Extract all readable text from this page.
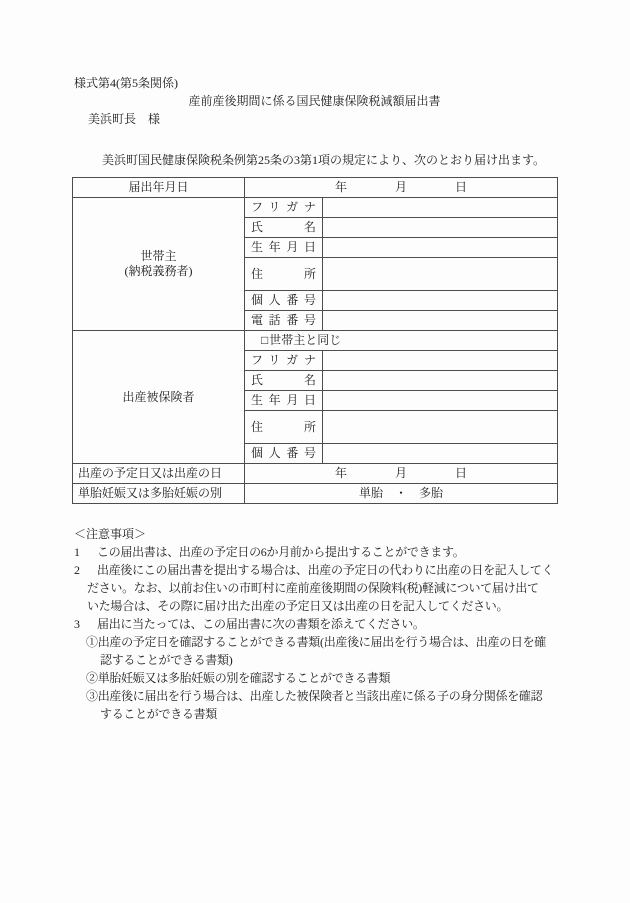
様式第4(第5条関係)
産前産後期間に係る国民健康保険税減額届出書
美浜町長　様
美浜町国民健康保険税条例第25条の3第1項の規定により、次のとおり届け出ます。
届出年月日	年　　　　月　　　　日	
世帯主
(納税義務者)	フリガナ	
	氏名	
	生年月日	
	住所	
	個人番号	
	電話番号	
出産被保険者	□世帯主と同じ	
	フリガナ	
	氏名	
	生年月日	
	住所	
	個人番号	
出産の予定日又は出産の日	年　　　　月　　　　日	
単胎妊娠又は多胎妊娠の別	単胎　・　多胎	
＜注意事項＞
1 この届出書は、出産の予定日の6か月前から提出することができます。
2 出産後にこの届出書を提出する場合は、出産の予定日の代わりに出産の日を記入してく
ださい。なお、以前お住いの市町村に産前産後期間の保険料(税)軽減について届け出て
いた場合は、その際に届け出た出産の予定日又は出産の日を記入してください。
3 届出に当たっては、この届出書に次の書類を添えてください。
①出産の予定日を確認することができる書類(出産後に届出を行う場合は、出産の日を確
認することができる書類)
②単胎妊娠又は多胎妊娠の別を確認することができる書類
③出産後に届出を行う場合は、出産した被保険者と当該出産に係る子の身分関係を確認
することができる書類
